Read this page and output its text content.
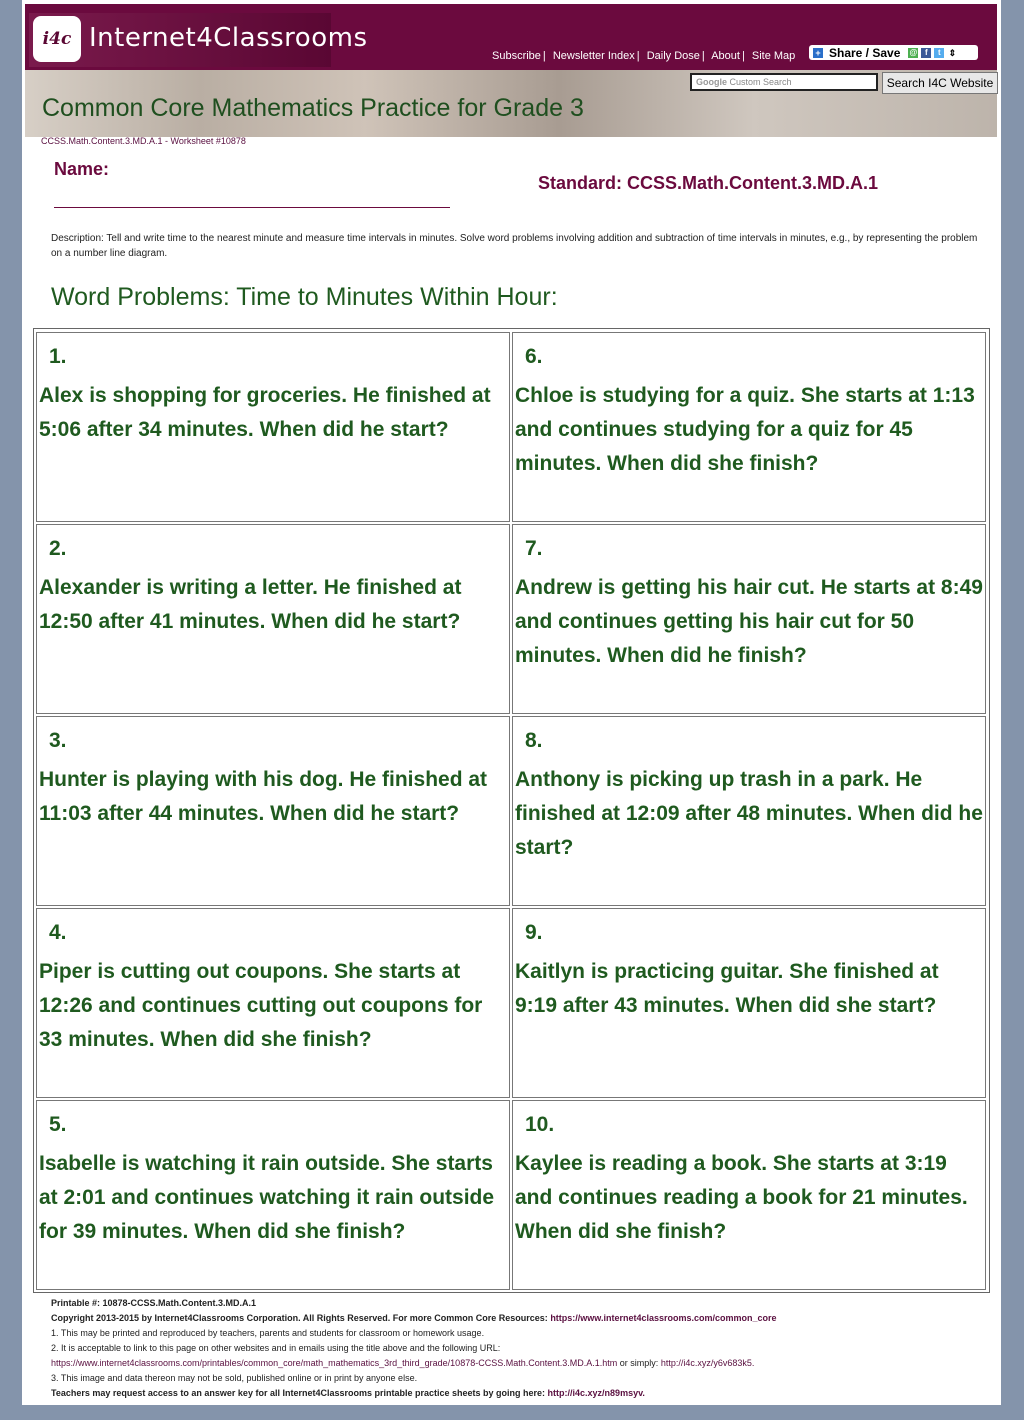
i4c Internet4Classrooms
Subscribe | Newsletter Index | Daily Dose | About | Site Map + Share / Save @ f	t ⇕
Google Custom Search	Search I4C Website
Common Core Mathematics Practice for Grade 3
CCSS.Math.Content.3.MD.A.1 - Worksheet #10878
Name:
Standard: CCSS.Math.Content.3.MD.A.1
Description: Tell and write time to the nearest minute and measure time intervals in minutes. Solve word problems involving addition and subtraction of time intervals in minutes, e.g., by representing the problem on a number line diagram.
Word Problems: Time to Minutes Within Hour:
1.
Alex is shopping for groceries. He finished at 5:06 after 34 minutes. When did he start?
2.
Alexander is writing a letter. He finished at 12:50 after 41 minutes. When did he start?
3.
Hunter is playing with his dog. He finished at 11:03 after 44 minutes. When did he start?
4.
Piper is cutting out coupons. She starts at 12:26 and continues cutting out coupons for 33 minutes. When did she finish?
5.
Isabelle is watching it rain outside. She starts at 2:01 and continues watching it rain outside for 39 minutes. When did she finish?
6.
Chloe is studying for a quiz. She starts at 1:13 and continues studying for a quiz for 45 minutes. When did she finish?
7.
Andrew is getting his hair cut. He starts at 8:49 and continues getting his hair cut for 50 minutes. When did he finish?
8.
Anthony is picking up trash in a park. He finished at 12:09 after 48 minutes. When did he start?
9.
Kaitlyn is practicing guitar. She finished at 9:19 after 43 minutes. When did she start?
10.
Kaylee is reading a book. She starts at 3:19 and continues reading a book for 21 minutes. When did she finish?
Printable #: 10878-CCSS.Math.Content.3.MD.A.1
Copyright 2013-2015 by Internet4Classrooms Corporation. All Rights Reserved. For more Common Core Resources: https://www.internet4classrooms.com/common_core
1. This may be printed and reproduced by teachers, parents and students for classroom or homework usage.
2. It is acceptable to link to this page on other websites and in emails using the title above and the following URL:
https://www.internet4classrooms.com/printables/common_core/math_mathematics_3rd_third_grade/10878-CCSS.Math.Content.3.MD.A.1.htm or simply: http://i4c.xyz/y6v683k5.
3. This image and data thereon may not be sold, published online or in print by anyone else.
Teachers may request access to an answer key for all Internet4Classrooms printable practice sheets by going here: http://i4c.xyz/n89msyv.
